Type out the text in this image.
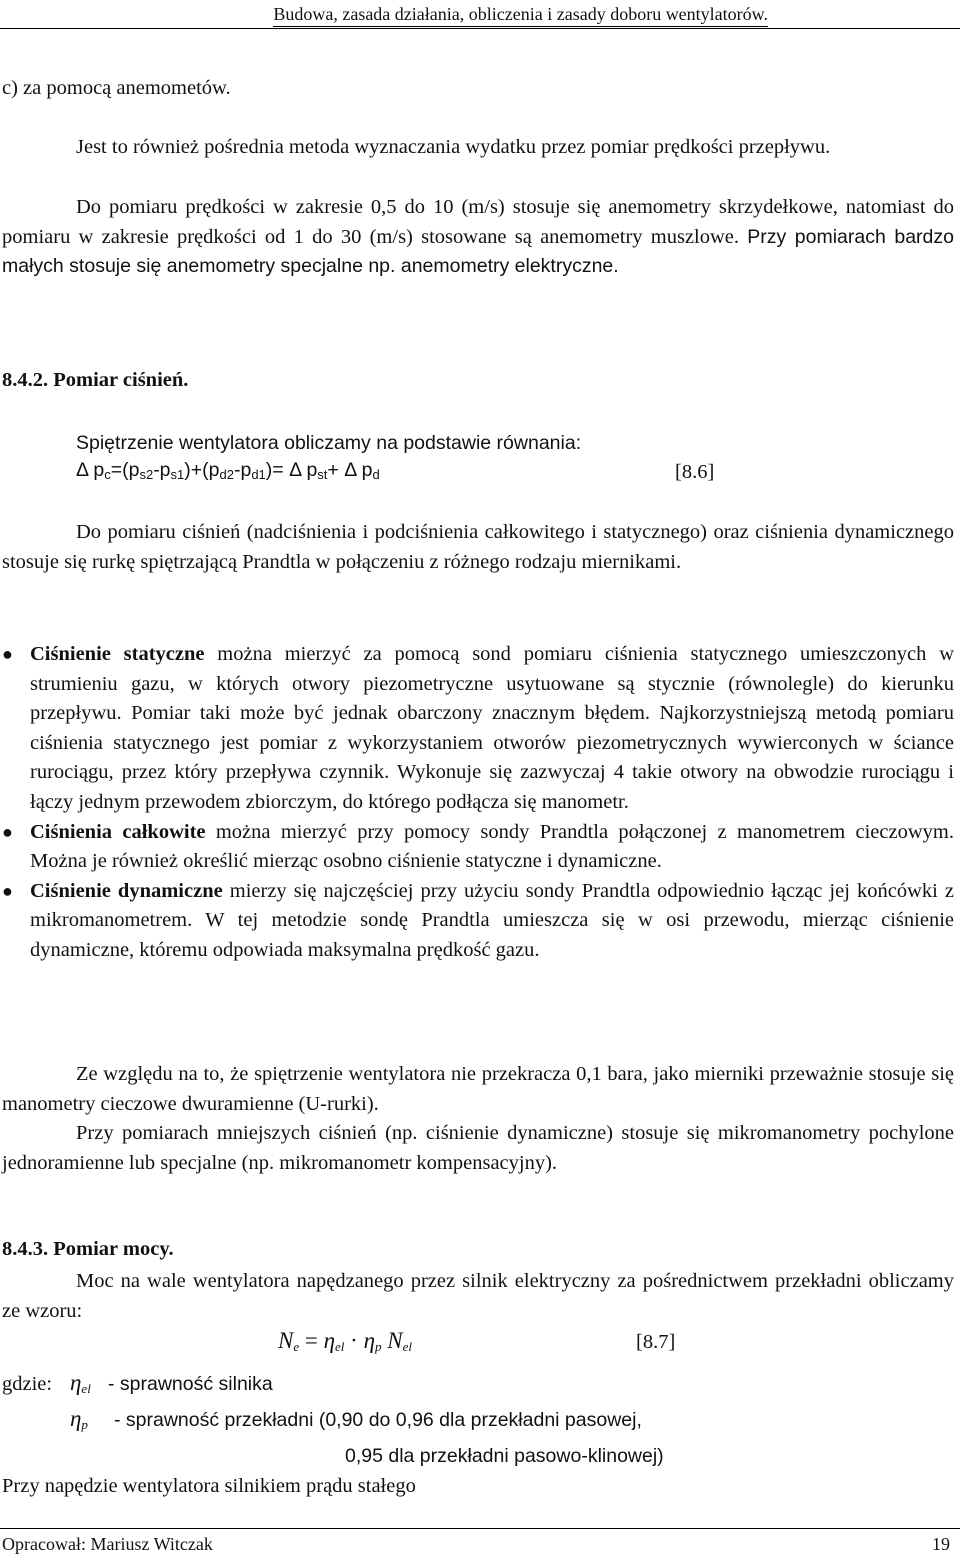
Budowa, zasada działania, obliczenia i zasady doboru wentylatorów.

c) za pomocą anemometów.

Jest to również pośrednia metoda wyznaczania wydatku przez pomiar prędkości przepływu.

Do pomiaru prędkości w zakresie 0,5 do 10 (m/s) stosuje się anemometry skrzydełkowe, natomiast do pomiaru w zakresie prędkości od 1 do 30 (m/s) stosowane są anemometry muszlowe. Przy pomiarach bardzo małych stosuje się anemometry specjalne np. anemometry elektryczne.

8.4.2. Pomiar ciśnień.

Spiętrzenie wentylatora obliczamy na podstawie równania:

Δ $p_c=(p_{s2}-p_{s1})+(p_{d2}-p_{d1})= \Delta$ $p_{st}+ \Delta$ $p_d$	[8.6]

Do pomiaru ciśnień (nadciśnienia i podciśnienia całkowitego i statycznego) oraz ciśnienia dynamicznego stosuje się rurkę spiętrzającą Prandtla w połączeniu z różnego rodzaju miernikami.

● Ciśnienie statyczne można mierzyć za pomocą sond pomiaru ciśnienia statycznego umieszczonych w strumieniu gazu, w których otwory piezometryczne usytuowane są stycznie (równolegle) do kierunku przepływu. Pomiar taki może być jednak obarczony znacznym błędem. Najkorzystniejszą metodą pomiaru ciśnienia statycznego jest pomiar z wykorzystaniem otworów piezometrycznych wywierconych w ściance rurociągu, przez który przepływa czynnik. Wykonuje się zazwyczaj 4 takie otwory na obwodzie rurociągu i łączy jednym przewodem zbiorczym, do którego podłącza się manometr.
● Ciśnienia całkowite można mierzyć przy pomocy sondy Prandtla połączonej z manometrem cieczowym. Można je również określić mierząc osobno ciśnienie statyczne i dynamiczne.
● Ciśnienie dynamiczne mierzy się najczęściej przy użyciu sondy Prandtla odpowiednio łącząc jej końcówki z mikromanometrem. W tej metodzie sondę Prandtla umieszcza się w osi przewodu, mierząc ciśnienie dynamiczne, któremu odpowiada maksymalna prędkość gazu.

Ze względu na to, że spiętrzenie wentylatora nie przekracza 0,1 bara, jako mierniki przeważnie stosuje się manometry cieczowe dwuramienne (U-rurki).

Przy pomiarach mniejszych ciśnień (np. ciśnienie dynamiczne) stosuje się mikromanometry pochylone jednoramienne lub specjalne (np. mikromanometr kompensacyjny).

8.4.3. Pomiar mocy.

Moc na wale wentylatora napędzanego przez silnik elektryczny za pośrednictwem przekładni obliczamy ze wzoru:

$N_e = \eta_{el} \cdot \eta_p$ $N_{el}$	[8.7]
gdzie: $\eta_{el}$ - sprawność silnika
$\eta_p$ - sprawność przekładni (0,90 do 0,96 dla przekładni pasowej,
0,95 dla przekładni pasowo-klinowej)

Przy napędzie wentylatora silnikiem prądu stałego

Opracował: Mariusz Witczak	19
